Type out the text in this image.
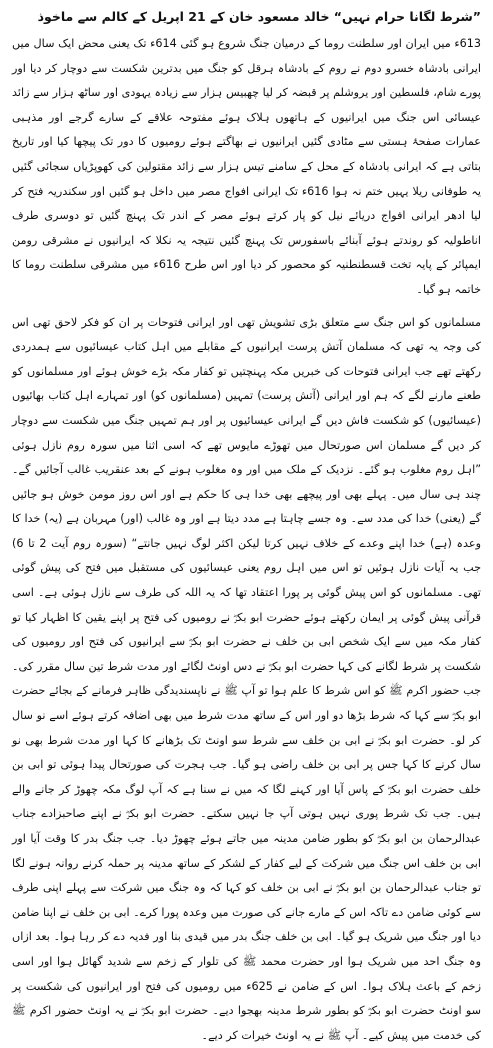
”شرط لگانا حرام نہیں“ خالد مسعود خان کے 21 اپریل کے کالم سے ماخوذ

613ء میں ایران اور سلطنت روما کے درمیان جنگ شروع ہو گئی 614ء تک یعنی محض ایک سال میں ایرانی بادشاہ خسرو دوم نے روم کے بادشاہ ہرقل کو جنگ میں بدترین شکست سے دوچار کر دیا اور پورے شام، فلسطین اور یروشلم پر قبضہ کر لیا چھبیس ہزار سے زیادہ یہودی اور ساٹھ ہزار سے زائد عیسائی اس جنگ میں ایرانیوں کے ہاتھوں ہلاک ہوئے مفتوحہ علاقے کے سارے گرجے اور مذہبی عمارات صفحۂ ہستی سے مٹادی گئیں ایرانیوں نے بھاگتے ہوئے رومیوں کا دور تک پیچھا کیا اور تاریخ بتاتی ہے کہ ایرانی بادشاہ کے محل کے سامنے تیس ہزار سے زائد مقتولین کی کھوپڑیاں سجائی گئیں یہ طوفانی ریلا یہیں ختم نہ ہوا 616ء تک ایرانی افواج مصر میں داخل ہو گئیں اور سکندریہ فتح کر لیا ادھر ایرانی افواج دریائے نیل کو پار کرتے ہوئے مصر کے اندر تک پہنچ گئیں تو دوسری طرف اناطولیہ کو روندتے ہوئے آبنائے باسفورس تک پہنچ گئیں نتیجہ یہ نکلا کہ ایرانیوں نے مشرقی رومن ایمپائر کے پایہ تخت قسطنطنیہ کو محصور کر دیا اور اس طرح 616ء میں مشرقی سلطنت روما کا خاتمہ ہو گیا۔

مسلمانوں کو اس جنگ سے متعلق بڑی تشویش تھی اور ایرانی فتوحات پر ان کو فکر لاحق تھی اس کی وجہ یہ تھی کہ مسلمان آتش پرست ایرانیوں کے مقابلے میں اہل کتاب عیسائیوں سے ہمدردی رکھتے تھے جب ایرانی فتوحات کی خبریں مکہ پہنچتیں تو کفار مکہ بڑے خوش ہوئے اور مسلمانوں کو طعنے مارنے لگے کہ ہم اور ایرانی (آتش پرست) تمہیں (مسلمانوں کو) اور تمہارے اہل کتاب بھائیوں (عیسائیوں) کو شکست فاش دیں گے ایرانی عیسائیوں پر اور ہم تمہیں جنگ میں شکست سے دوچار کر دیں گے مسلمان اس صورتحال میں تھوڑے مایوس تھے کہ اسی اثنا میں سورہ روم نازل ہوئی ”اہل روم مغلوب ہو گئے۔ نزدیک کے ملک میں اور وہ مغلوب ہونے کے بعد عنقریب غالب آجائیں گے۔ چند ہی سال میں۔ پہلے بھی اور پیچھے بھی خدا ہی کا حکم ہے اور اس روز مومن خوش ہو جائیں گے (یعنی) خدا کی مدد سے۔ وہ جسے چاہتا ہے مدد دیتا ہے اور وہ غالب (اور) مہربان ہے (یہ) خدا کا وعدہ (ہے) خدا اپنے وعدے کے خلاف نہیں کرتا لیکن اکثر لوگ نہیں جانتے“ (سورہ روم آیت 2 تا 6) جب یہ آیات نازل ہوئیں تو اس میں اہل روم یعنی عیسائیوں کی مستقبل میں فتح کی پیش گوئی تھی۔ مسلمانوں کو اس پیش گوئی پر پورا اعتقاد تھا کہ یہ اللہ کی طرف سے نازل ہوئی ہے۔ اسی قرآنی پیش گوئی پر ایمان رکھتے ہوئے حضرت ابو بکرؓ نے رومیوں کی فتح پر اپنے یقین کا اظہار کیا تو کفار مکہ میں سے ایک شخص ابی بن خلف نے حضرت ابو بکرؓ سے ایرانیوں کی فتح اور رومیوں کی شکست پر شرط لگانے کی کہا حضرت ابو بکرؓ نے دس اونٹ لگائے اور مدت شرط تین سال مقرر کی۔ جب حضور اکرم ﷺ کو اس شرط کا علم ہوا تو آپ ﷺ نے ناپسندیدگی ظاہر فرمانے کے بجائے حضرت ابو بکرؓ سے کہا کہ شرط بڑھا دو اور اس کے ساتھ مدت شرط میں بھی اضافہ کرتے ہوئے اسے نو سال کر لو۔ حضرت ابو بکرؓ نے ابی بن خلف سے شرط سو اونٹ تک بڑھانے کا کہا اور مدت شرط بھی نو سال کرنے کا کہا جس پر ابی بن خلف راضی ہو گیا۔ جب ہجرت کی صورتحال پیدا ہوئی تو ابی بن خلف حضرت ابو بکرؓ کے پاس آیا اور کہنے لگا کہ میں نے سنا ہے کہ آپ لوگ مکہ چھوڑ کر جانے والے ہیں۔ جب تک شرط پوری نہیں ہوتی آپ جا نہیں سکتے۔ حضرت ابو بکرؓ نے اپنے صاحبزادے جناب عبدالرحمان بن ابو بکرؓ کو بطور ضامن مدینہ میں جاتے ہوئے چھوڑ دیا۔ جب جنگ بدر کا وقت آیا اور ابی بن خلف اس جنگ میں شرکت کے لیے کفار کے لشکر کے ساتھ مدینہ پر حملہ کرنے روانہ ہونے لگا تو جناب عبدالرحمان بن ابو بکرؓ نے ابی بن خلف کو کہا کہ وہ جنگ میں شرکت سے پہلے اپنی طرف سے کوئی ضامن دے تاکہ اس کے مارے جانے کی صورت میں وعدہ پورا کرے۔ ابی بن خلف نے اپنا ضامن دیا اور جنگ میں شریک ہو گیا۔ ابی بن خلف جنگ بدر میں قیدی بنا اور فدیہ دے کر رہا ہوا۔ بعد ازاں وہ جنگ احد میں شریک ہوا اور حضرت محمد ﷺ کی تلوار کے زخم سے شدید گھائل ہوا اور اسی زخم کے باعث ہلاک ہوا۔ اس کے ضامن نے 625ء میں رومیوں کی فتح اور ایرانیوں کی شکست پر سو اونٹ حضرت ابو بکرؓ کو بطور شرط مدینہ بھجوا دیے۔ حضرت ابو بکرؓ نے یہ اونٹ حضور اکرم ﷺ کی خدمت میں پیش کیے۔ آپ ﷺ نے یہ اونٹ خیرات کر دیے۔
